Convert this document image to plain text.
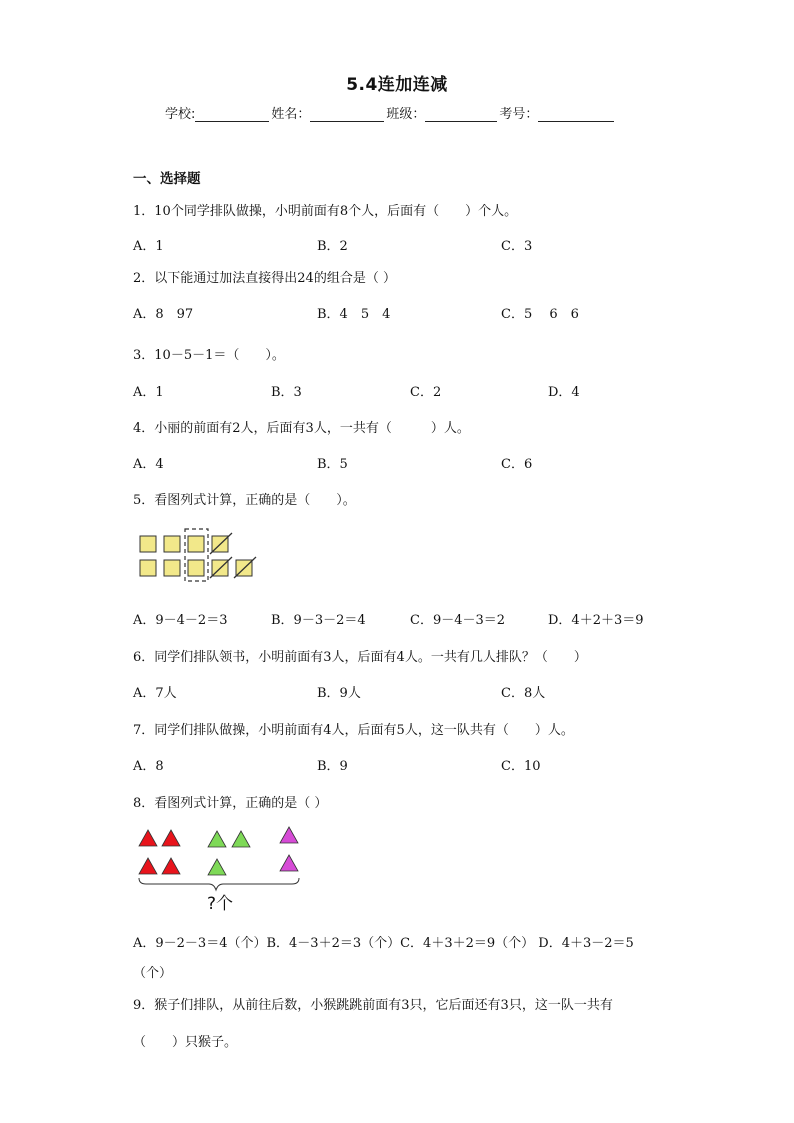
5.4连加连减
学校:	姓名：	班级：	考号：
一、选择题
1．10个同学排队做操，小明前面有8个人，后面有（　　）个人。
A．1	B．2	C．3
2．以下能通过加法直接得出24的组合是（ ）
A．8　97	B．4　5　4	C．5　 6　6
3．10－5－1＝（　　）。
A．1	B．3	C．2	D．4
4．小丽的前面有2人，后面有3人，一共有（　　　）人。
A．4	B．5	C．6
5．看图列式计算，正确的是（　　）。
A．9－4－2＝3	B．9－3－2＝4	C．9－4－3＝2	D．4＋2＋3＝9
6．同学们排队领书，小明前面有3人，后面有4人。一共有几人排队？（　　）
A．7人	B．9人	C．8人
7．同学们排队做操，小明前面有4人，后面有5人，这一队共有（　　）人。
A．8	B．9	C．10
8．看图列式计算，正确的是（ ）
?个
A．9－2－3＝4（个）B．4－3＋2＝3（个）C．4＋3＋2＝9（个） D．4＋3－2＝5
（个）
9．猴子们排队，从前往后数，小猴跳跳前面有3只，它后面还有3只，这一队一共有
（　　）只猴子。
